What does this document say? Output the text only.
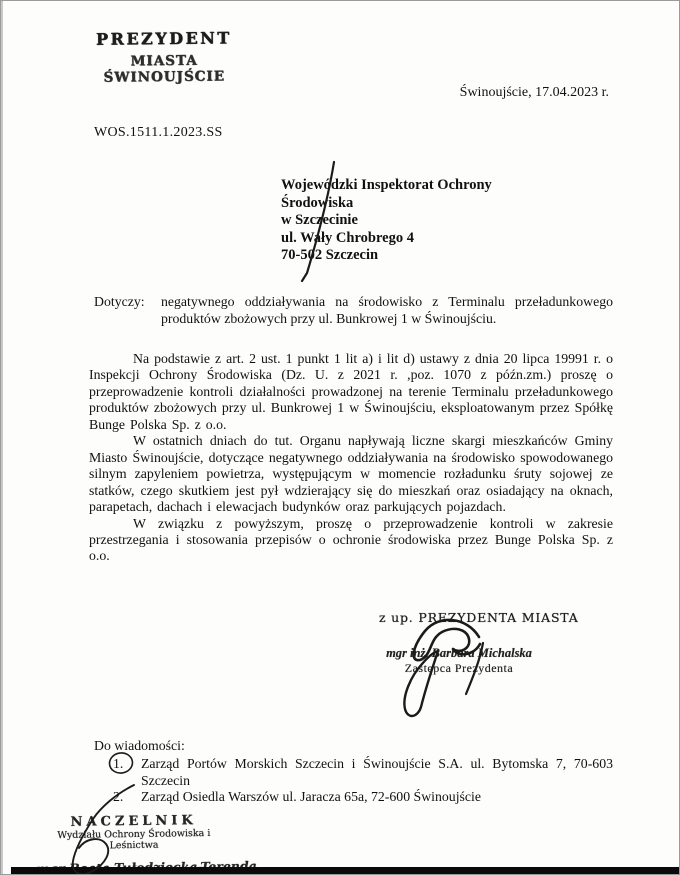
PREZYDENT
MIASTA ŚWINOUJŚCIE
Świnoujście, 17.04.2023 r.
WOS.1511.1.2023.SS
Wojewódzki Inspektorat Ochrony
Środowiska
w Szczecinie
ul. Wały Chrobrego 4
70-502 Szczecin
Dotyczy:	negatywnego oddziaływania na środowisko z Terminalu przeładunkowego produktów zbożowych przy ul. Bunkrowej 1 w Świnoujściu.

Na podstawie z art. 2 ust. 1 punkt 1 lit a) i lit d) ustawy z dnia 20 lipca 19991 r. o Inspekcji Ochrony Środowiska (Dz. U. z 2021 r. ,poz. 1070 z późn.zm.) proszę o przeprowadzenie kontroli działalności prowadzonej na terenie Terminalu przeładunkowego produktów zbożowych przy ul. Bunkrowej 1 w Świnoujściu, eksploatowanym przez Spółkę Bunge Polska Sp. z o.o.

W ostatnich dniach do tut. Organu napływają liczne skargi mieszkańców Gminy Miasto Świnoujście, dotyczące negatywnego oddziaływania na środowisko spowodowanego silnym zapyleniem powietrza, występującym w momencie rozładunku śruty sojowej ze statków, czego skutkiem jest pył wdzierający się do mieszkań oraz osiadający na oknach, parapetach, dachach i elewacjach budynków oraz parkujących pojazdach.

W związku z powyższym, proszę o przeprowadzenie kontroli w zakresie przestrzegania i stosowania przepisów o ochronie środowiska przez Bunge Polska Sp. z o.o.

z up. PREZYDENTA MIASTA
mgr inż. Barbara Michalska
Zastępca Prezydenta
Do wiadomości:
1.	Zarząd Portów Morskich Szczecin i Świnoujście S.A. ul. Bytomska 7, 70-603 Szczecin
2.	Zarząd Osiedla Warszów ul. Jaracza 65a, 72-600 Świnoujście
NACZELNIK
Wydziału Ochrony Środowiska i Leśnictwa
